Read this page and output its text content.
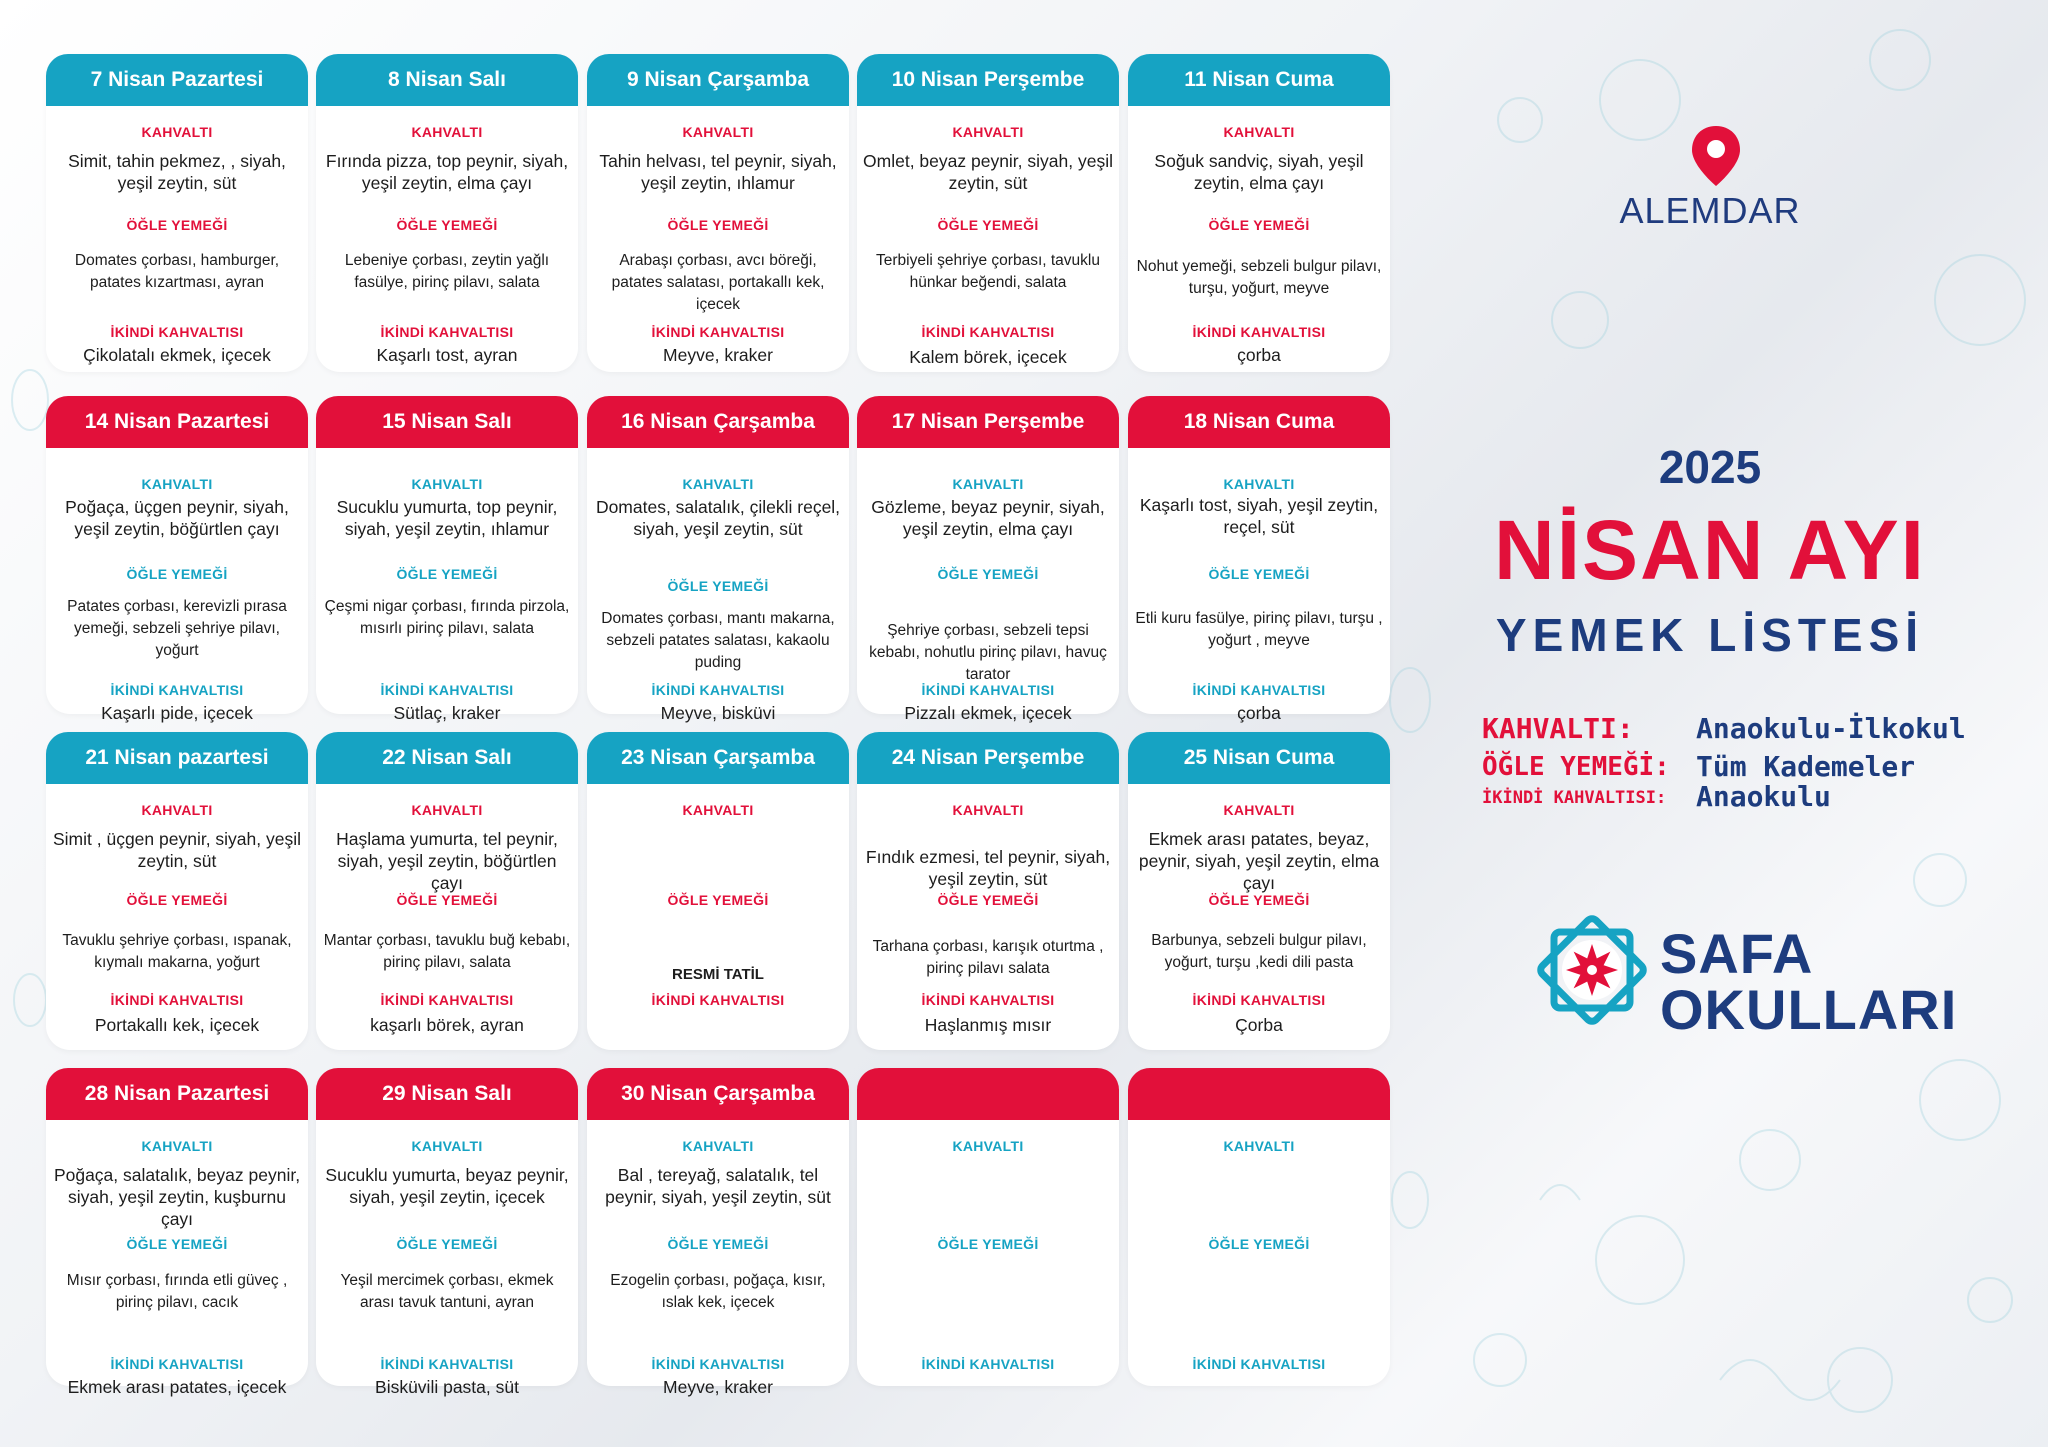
7 Nisan Pazartesi
KAHVALTI
Simit, tahin pekmez, , siyah, yeşil zeytin, süt
ÖĞLE YEMEĞİ
Domates çorbası, hamburger, patates kızartması, ayran
İKİNDİ KAHVALTISI
Çikolatalı ekmek, içecek
8 Nisan Salı
KAHVALTI
Fırında pizza, top peynir, siyah, yeşil zeytin, elma çayı
ÖĞLE YEMEĞİ
Lebeniye çorbası, zeytin yağlı fasülye, pirinç pilavı, salata
İKİNDİ KAHVALTISI
Kaşarlı tost, ayran
9 Nisan Çarşamba
KAHVALTI
Tahin helvası, tel peynir, siyah, yeşil zeytin, ıhlamur
ÖĞLE YEMEĞİ
Arabaşı çorbası, avcı böreği, patates salatası, portakallı kek, içecek
İKİNDİ KAHVALTISI
Meyve, kraker
10 Nisan Perşembe
KAHVALTI
Omlet, beyaz peynir, siyah, yeşil zeytin, süt
ÖĞLE YEMEĞİ
Terbiyeli şehriye çorbası, tavuklu hünkar beğendi, salata
İKİNDİ KAHVALTISI
Kalem börek, içecek
11 Nisan Cuma
KAHVALTI
Soğuk sandviç, siyah, yeşil zeytin, elma çayı
ÖĞLE YEMEĞİ
Nohut yemeği, sebzeli bulgur pilavı, turşu, yoğurt, meyve
İKİNDİ KAHVALTISI
çorba
14 Nisan Pazartesi
KAHVALTI
Poğaça, üçgen peynir, siyah, yeşil zeytin, böğürtlen çayı
ÖĞLE YEMEĞİ
Patates çorbası, kerevizli pırasa yemeği, sebzeli şehriye pilavı, yoğurt
İKİNDİ KAHVALTISI
Kaşarlı pide, içecek
15 Nisan Salı
KAHVALTI
Sucuklu yumurta, top peynir, siyah, yeşil zeytin, ıhlamur
ÖĞLE YEMEĞİ
Çeşmi nigar çorbası, fırında pirzola, mısırlı pirinç pilavı, salata
İKİNDİ KAHVALTISI
Sütlaç, kraker
16 Nisan Çarşamba
KAHVALTI
Domates, salatalık, çilekli reçel, siyah, yeşil zeytin, süt
ÖĞLE YEMEĞİ
Domates çorbası, mantı makarna, sebzeli patates salatası, kakaolu puding
İKİNDİ KAHVALTISI
Meyve, bisküvi
17 Nisan Perşembe
KAHVALTI
Gözleme, beyaz peynir, siyah, yeşil zeytin, elma çayı
ÖĞLE YEMEĞİ
Şehriye çorbası, sebzeli tepsi kebabı, nohutlu pirinç pilavı, havuç tarator
İKİNDİ KAHVALTISI
Pizzalı ekmek, içecek
18 Nisan Cuma
KAHVALTI
Kaşarlı tost, siyah, yeşil zeytin, reçel, süt
ÖĞLE YEMEĞİ
Etli kuru fasülye, pirinç pilavı, turşu , yoğurt , meyve
İKİNDİ KAHVALTISI
çorba
21 Nisan pazartesi
KAHVALTI
Simit , üçgen peynir, siyah, yeşil zeytin, süt
ÖĞLE YEMEĞİ
Tavuklu şehriye çorbası, ıspanak, kıymalı makarna, yoğurt
İKİNDİ KAHVALTISI
Portakallı kek, içecek
22 Nisan Salı
KAHVALTI
Haşlama yumurta, tel peynir, siyah, yeşil zeytin, böğürtlen çayı
ÖĞLE YEMEĞİ
Mantar çorbası, tavuklu buğ kebabı, pirinç pilavı, salata
İKİNDİ KAHVALTISI
kaşarlı börek, ayran
23 Nisan Çarşamba
KAHVALTI
ÖĞLE YEMEĞİ
RESMİ TATİL
İKİNDİ KAHVALTISI
24 Nisan Perşembe
KAHVALTI
Fındık ezmesi, tel peynir, siyah, yeşil zeytin, süt
ÖĞLE YEMEĞİ
Tarhana çorbası, karışık oturtma , pirinç pilavı salata
İKİNDİ KAHVALTISI
Haşlanmış mısır
25 Nisan Cuma
KAHVALTI
Ekmek arası patates, beyaz, peynir, siyah, yeşil zeytin, elma çayı
ÖĞLE YEMEĞİ
Barbunya, sebzeli bulgur pilavı, yoğurt, turşu ,kedi dili pasta
İKİNDİ KAHVALTISI
Çorba
28 Nisan Pazartesi
KAHVALTI
Poğaça, salatalık, beyaz peynir, siyah, yeşil zeytin, kuşburnu çayı
ÖĞLE YEMEĞİ
Mısır çorbası, fırında etli güveç , pirinç pilavı, cacık
İKİNDİ KAHVALTISI
Ekmek arası patates, içecek
29 Nisan Salı
KAHVALTI
Sucuklu yumurta, beyaz peynir, siyah, yeşil zeytin, içecek
ÖĞLE YEMEĞİ
Yeşil mercimek çorbası, ekmek arası tavuk tantuni, ayran
İKİNDİ KAHVALTISI
Bisküvili pasta, süt
30 Nisan Çarşamba
KAHVALTI
Bal , tereyağ, salatalık, tel peynir, siyah, yeşil zeytin, süt
ÖĞLE YEMEĞİ
Ezogelin çorbası, poğaça, kısır, ıslak kek, içecek
İKİNDİ KAHVALTISI
Meyve, kraker
KAHVALTI
ÖĞLE YEMEĞİ
İKİNDİ KAHVALTISI
KAHVALTI
ÖĞLE YEMEĞİ
İKİNDİ KAHVALTISI
ALEMDAR
2025
NİSAN AYI
YEMEK LİSTESİ
KAHVALTI: Anaokulu-İlkokul
ÖĞLE YEMEĞİ: Tüm Kademeler
İKİNDİ KAHVALTISI: Anaokulu
SAFA
OKULLARI
